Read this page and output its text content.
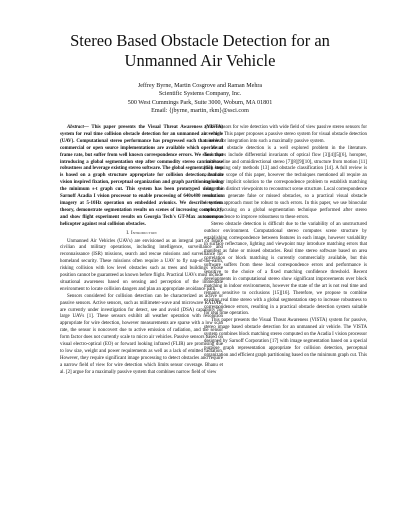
Stereo Based Obstacle Detection for an
Unmanned Air Vehicle
Jeffrey Byrne, Martin Cosgrove and Raman Mehra
Scientific Systems Company, Inc.
500 West Cummings Park, Suite 3000, Woburn, MA 01801
Email: {jbyrne, martin, rkm}@ssci.com

Abstract— This paper presents the Visual Threat Awareness (VISTA) system for real time collision obstacle detection for an unmanned air vehicle (UAV). Computational stereo performance has progressed such that several commercial or open source implementations are available which operate at frame rate, but suffer from well known correspondence errors. We show that introducing a global segmentation step after commodity stereo can increase robustness and leverage existing stereo software. The global segmentation step is based on a graph structure appropriate for collision detection, human vision inspired fixation, perceptual organization and graph partitioning using the minimum s-t graph cut. This system has been prototyped using the Sarnoff Acadia I vision processor to enable processing of 640x480 resolution imagery at 5-10Hz operation on embedded avionics. We describe system theory, demonstrate segmentation results on scenes of increasing complexity, and show flight experiment results on Georgia Tech's GT-Max autonomous helicopter against real collision obstacles.

I. Introduction

Unmanned Air Vehicles (UAVs) are envisioned as an integral part of future civilian and military operations, including intelligence, surveillance and reconnaissance (ISR) missions, search and rescue missions and surveillance for homeland security. These missions often require a UAV to fly nap-of-the-earth, risking collision with low level obstacles such as trees and buildings whose position cannot be guaranteed as known before flight. Practical UAVs must include situational awareness based on sensing and perception of the immediate environment to locate collision dangers and plan an appropriate avoidance path.

Sensors considered for collision detection can be characterized as active or passive sensors. Active sensors, such as millimeter-wave and microwave RADAR, are currently under investigation for detect, see and avoid (DSA) capability for large UAVs [1]. These sensors exhibit all weather operation with resolution appropriate for wire detection, however measurements are sparse with a low scan rate, the sensor is noncovert due to active emission of radiation, and the sensor form factor does not currently scale to micro air vehicles. Passive sensors based on visual electro-optical (EO) or forward looking infrared (FLIR) are promising due to low size, weight and power requirements as well as a lack of emitted radiation. However, they require significant image processing to detect obstacles and require a narrow field of view for wire detection which limits sensor coverage. Bhanu et al. [2] argue for a maximally passive system that combines narrow field of view

active sensors for wire detection with wide field of view passive stereo sensors for coverage. This paper proposes a passive stereo system for visual obstacle detection suitable for integration into such a maximally passive system.

Visual obstacle detection is a well explored problem in the literature. Techniques include differential invariants of optical flow [3][4][5][6], horopter, multibaseline and omnidirectional stereo [7][8][9][10], structure from motion [11][12], housing only methods [13] and obstacle classification [14]. A full review is out of the scope of this paper, however the techniques mentioned all require an explicit or implicit solution to the correspondence problem to establish matching features in distinct viewpoints to reconstruct scene structure. Local correspondence errors can generate false or missed obstacles, so a practical visual obstacle detection approach must be robust to such errors. In this paper, we use binocular stereo, focusing on a global segmentation technique performed after stereo correspondence to improve robustness to these errors.

Stereo obstacle detection is difficult due to the variability of an unstructured outdoor environment. Computational stereo computes scene structure by establishing correspondence between features in each image, however variability in surface reflectance, lighting and viewpoint may introduce matching errors that manifest as false or missed obstacles. Real time stereo software based on area correlation or block matching is currently commercially available, but this software suffers from these local correspondence errors and performance is sensitive to the choice of a fixed matching confidence threshold. Recent developments in computational stereo show significant improvements over block matching in indoor environments, however the state of the art is not real time and remains sensitive to occlusions [15][16]. Therefore, we propose to combine existing real time stereo with a global segmentation step to increase robustness to correspondence errors, resulting in a practical obstacle detection system suitable for real time operation.

This paper presents the Visual Threat Awareness (VISTA) system for passive, stereo image based obstacle detection for an unmanned air vehicle. The VISTA system combines block matching stereo computed on the Acadia I vision processor designed by Sarnoff Corporation [17] with image segmentation based on a special purpose graph representation appropriate for collision detection, perceptual organization and efficient graph partitioning based on the minimum graph cut. This
